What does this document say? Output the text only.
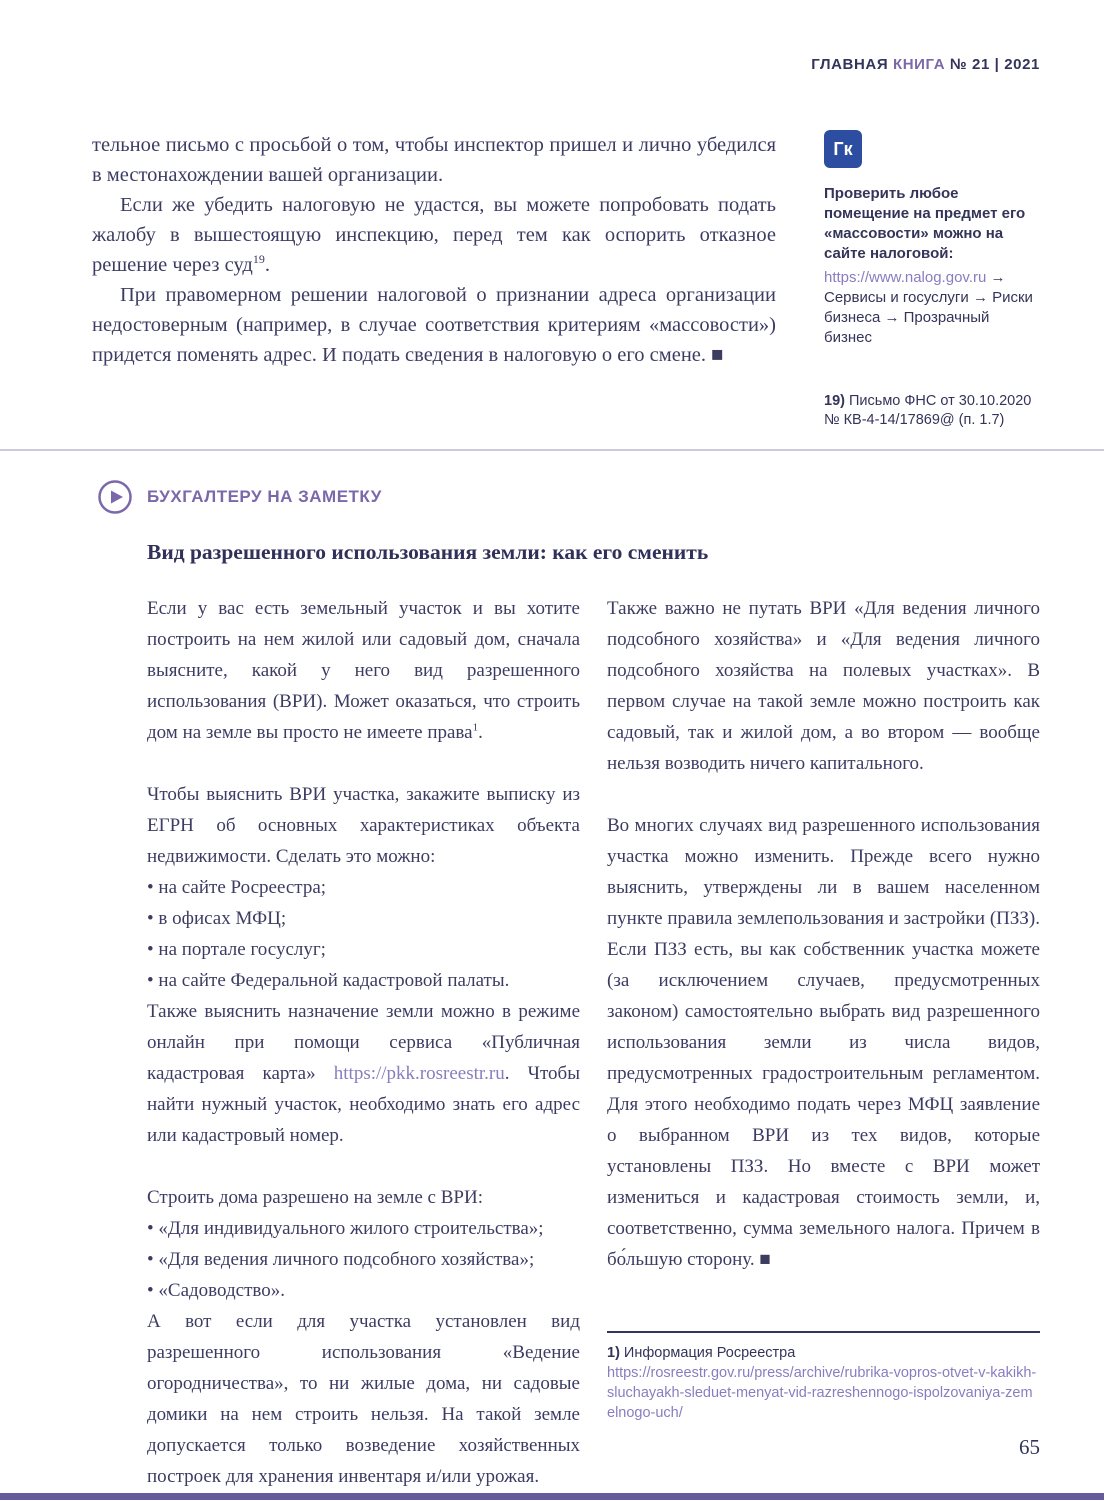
ГЛАВНАЯ КНИГА № 21 | 2021

тельное письмо с просьбой о том, чтобы инспектор пришел и лично убедился в местонахождении вашей организации.

Если же убедить налоговую не удастся, вы можете попробовать подать жалобу в вышестоящую инспекцию, перед тем как оспорить отказное решение через суд$^{19}$.

При правомерном решении налоговой о признании адреса организации недостоверным (например, в случае соответствия критериям «массовости») придется поменять адрес. И подать сведения в налоговую о его смене. ■

Гк
Проверить любое помещение на предмет его «массовости» можно на сайте налоговой:
https://www.nalog.gov.ru → Сервисы и госуслуги → Риски бизнеса → Прозрачный бизнес
19) Письмо ФНС от 30.10.2020 № КВ-4-14/17869@ (п. 1.7)
БУХГАЛТЕРУ НА ЗАМЕТКУ
Вид разрешенного использования земли: как его сменить

Если у вас есть земельный участок и вы хотите построить на нем жилой или садовый дом, сначала выясните, какой у него вид разрешенного использования (ВРИ). Может оказаться, что строить дом на земле вы просто не имеете права$^1$.

Чтобы выяснить ВРИ участка, закажите выписку из ЕГРН об основных характеристиках объекта недвижимости. Сделать это можно:

• на сайте Росреестра;

• в офисах МФЦ;

• на портале госуслуг;

• на сайте Федеральной кадастровой палаты.

Также выяснить назначение земли можно в режиме онлайн при помощи сервиса «Публичная кадастровая карта» https://pkk.rosreestr.ru. Чтобы найти нужный участок, необходимо знать его адрес или кадастровый номер.

Строить дома разрешено на земле с ВРИ:

• «Для индивидуального жилого строительства»;

• «Для ведения личного подсобного хозяйства»;

• «Садоводство».

А вот если для участка установлен вид разрешенного использования «Ведение огородничества», то ни жилые дома, ни садовые домики на нем строить нельзя. На такой земле допускается только возведение хозяйственных построек для хранения инвентаря и/или урожая.

Также важно не путать ВРИ «Для ведения личного подсобного хозяйства» и «Для ведения личного подсобного хозяйства на полевых участках». В первом случае на такой земле можно построить как садовый, так и жилой дом, а во втором — вообще нельзя возводить ничего капитального.

Во многих случаях вид разрешенного использования участка можно изменить. Прежде всего нужно выяснить, утверждены ли в вашем населенном пункте правила землепользования и застройки (ПЗЗ). Если ПЗЗ есть, вы как собственник участка можете (за исключением случаев, предусмотренных законом) самостоятельно выбрать вид разрешенного использования земли из числа видов, предусмотренных градостроительным регламентом. Для этого необходимо подать через МФЦ заявление о выбранном ВРИ из тех видов, которые установлены ПЗЗ. Но вместе с ВРИ может измениться и кадастровая стоимость земли, и, соответственно, сумма земельного налога. Причем в бо́льшую сторону. ■

1) Информация Росреестра
https://rosreestr.gov.ru/press/archive/rubrika-vopros-otvet-v-kakikh-sluchayakh-sleduet-menyat-vid-razreshennogo-ispolzovaniya-zemelnogo-uch/
65
